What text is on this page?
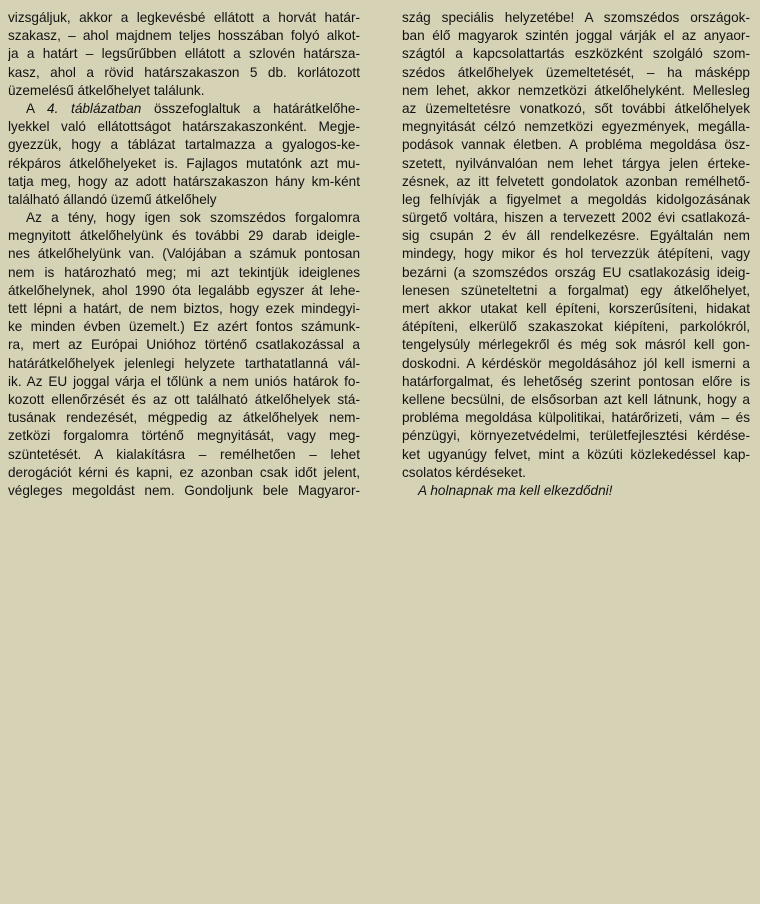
vizsgáljuk, akkor a legkevésbé ellátott a horvát határ-
szakasz, – ahol majdnem teljes hosszában folyó alkot-
ja a határt – legsűrűbben ellátott a szlovén határsza-
kasz, ahol a rövid határszakaszon 5 db. korlátozott
üzemelésű átkelőhelyet találunk.
A 4. táblázatban összefoglaltuk a határátkelőhe-
lyekkel való ellátottságot határszakaszonként. Megje-
gyezzük, hogy a táblázat tartalmazza a gyalogos-ke-
rékpáros átkelőhelyeket is. Fajlagos mutatónk azt mu-
tatja meg, hogy az adott határszakaszon hány km-ként
található állandó üzemű átkelőhely
Az a tény, hogy igen sok szomszédos forgalomra
megnyitott átkelőhelyünk és további 29 darab ideigle-
nes átkelőhelyünk van. (Valójában a számuk pontosan
nem is határozható meg; mi azt tekintjük ideiglenes
átkelőhelynek, ahol 1990 óta legalább egyszer át lehe-
tett lépni a határt, de nem biztos, hogy ezek mindegyi-
ke minden évben üzemelt.) Ez azért fontos számunk-
ra, mert az Európai Unióhoz történő csatlakozással a
határátkelőhelyek jelenlegi helyzete tarthatatlanná vál-
ik. Az EU joggal várja el tőlünk a nem uniós határok fo-
kozott ellenőrzését és az ott található átkelőhelyek stá-
tusának rendezését, mégpedig az átkelőhelyek nem-
zetközi forgalomra történő megnyitását, vagy meg-
szüntetését. A kialakításra – remélhetően – lehet
derogációt kérni és kapni, ez azonban csak időt jelent,
végleges megoldást nem. Gondoljunk bele Magyaror-
szág speciális helyzetébe! A szomszédos országok-
ban élő magyarok szintén joggal várják el az anyaor-
szágtól a kapcsolattartás eszközként szolgáló szom-
szédos átkelőhelyek üzemeltetését, – ha másképp
nem lehet, akkor nemzetközi átkelőhelyként. Mellesleg
az üzemeltetésre vonatkozó, sőt további átkelőhelyek
megnyitását célzó nemzetközi egyezmények, megálla-
podások vannak életben. A probléma megoldása ösz-
szetett, nyilvánvalóan nem lehet tárgya jelen érteke-
zésnek, az itt felvetett gondolatok azonban remélhető-
leg felhívják a figyelmet a megoldás kidolgozásának
sürgető voltára, hiszen a tervezett 2002 évi csatlakozá-
sig csupán 2 év áll rendelkezésre. Egyáltalán nem
mindegy, hogy mikor és hol tervezzük átépíteni, vagy
bezárni (a szomszédos ország EU csatlakozásig ideig-
lenesen szüneteltetni a forgalmat) egy átkelőhelyet,
mert akkor utakat kell építeni, korszerűsíteni, hidakat
átépíteni, elkerülő szakaszokat kiépíteni, parkolókról,
tengelysúly mérlegekről és még sok másról kell gon-
doskodni. A kérdéskör megoldásához jól kell ismerni a
határforgalmat, és lehetőség szerint pontosan előre is
kellene becsülni, de elsősorban azt kell látnunk, hogy a
probléma megoldása külpolitikai, határőrizeti, vám – és
pénzügyi, környezetvédelmi, területfejlesztési kérdése-
ket ugyanúgy felvet, mint a közúti közlekedéssel kap-
csolatos kérdéseket.
A holnapnak ma kell elkezdődni!
